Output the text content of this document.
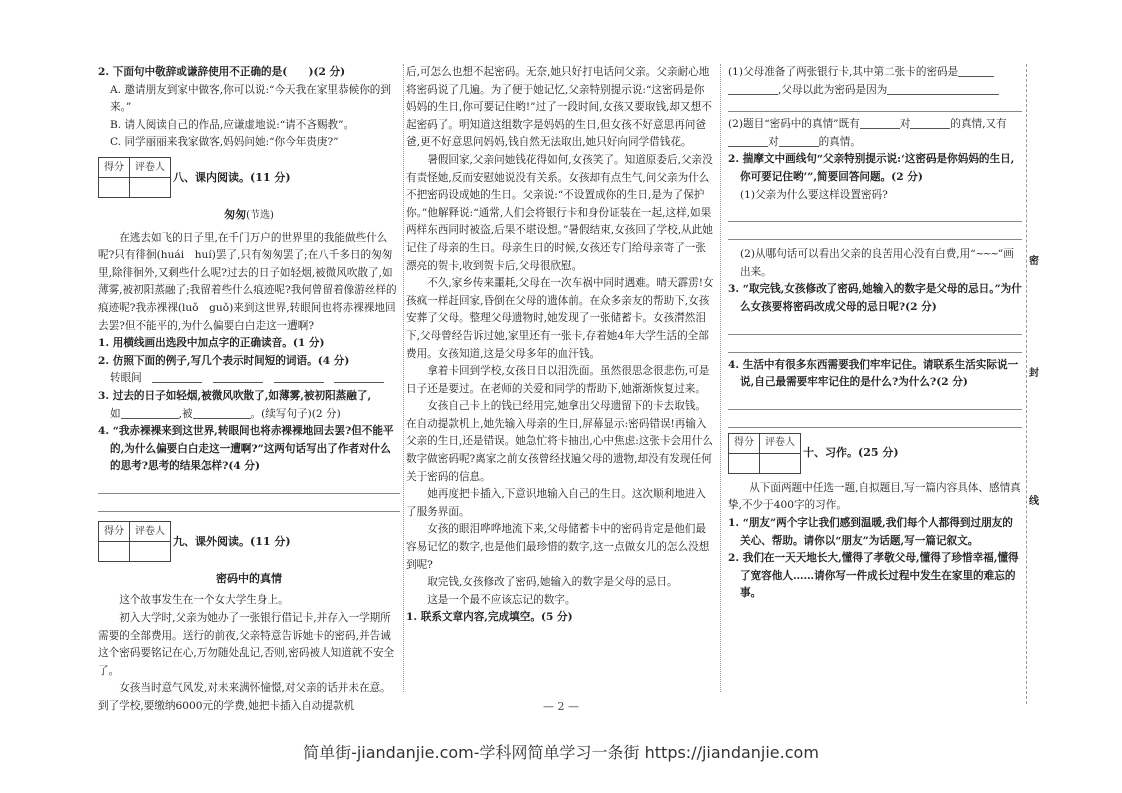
2. 下面句中敬辞或谦辞使用不正确的是(　　)(2 分)

A. 邀请朋友到家中做客,你可以说:“今天我在家里恭候你的到来。”

B. 请人阅读自己的作品,应谦虚地说:“请不吝赐教”。

C. 同学丽丽来我家做客,妈妈问她:“你今年贵庚?”

得分	评卷人

八、课内阅读。(11 分)

匆匆(节选)

在逃去如飞的日子里,在千门万户的世界里的我能做些什么呢?只有徘徊(huái　huí)罢了,只有匆匆罢了;在八千多日的匆匆里,除徘徊外,又剩些什么呢?过去的日子如轻烟,被微风吹散了,如薄雾,被初阳蒸融了;我留着些什么痕迹呢?我何曾留着像游丝样的痕迹呢?我赤裸裸(luǒ　guǒ)来到这世界,转眼间也将赤裸裸地回去罢?但不能平的,为什么偏要白白走这一遭啊?

1. 用横线画出选段中加点字的正确读音。(1 分)

2. 仿照下面的例子,写几个表示时间短的词语。(4 分)

转眼间　　　　

3. 过去的日子如轻烟,被微风吹散了,如薄雾,被初阳蒸融了,

如	,被	。(续写句子)(2 分)

4. “我赤裸裸来到这世界,转眼间也将赤裸裸地回去罢?但不能平的,为什么偏要白白走这一遭啊?”这两句话写出了作者对什么的思考?思考的结果怎样?(4 分)

得分	评卷人

九、课外阅读。(11 分)

密码中的真情

这个故事发生在一个女大学生身上。

初入大学时,父亲为她办了一张银行借记卡,并存入一学期所需要的全部费用。送行的前夜,父亲特意告诉她卡的密码,并告诫这个密码要铭记在心,万勿随处乱记,否则,密码被人知道就不安全了。

女孩当时意气风发,对未来满怀憧憬,对父亲的话并未在意。到了学校,要缴纳6000元的学费,她把卡插入自动提款机

后,可怎么也想不起密码。无奈,她只好打电话问父亲。父亲耐心地将密码说了几遍。为了便于她记忆,父亲特别提示说:“这密码是你妈妈的生日,你可要记住哟!”过了一段时间,女孩又要取钱,却又想不起密码了。明知道这组数字是妈妈的生日,但女孩不好意思再问爸爸,更不好意思问妈妈,钱自然无法取出,她只好向同学借钱花。

暑假回家,父亲问她钱花得如何,女孩笑了。知道原委后,父亲没有责怪她,反而安慰她说没有关系。女孩却有点生气,问父亲为什么不把密码设成她的生日。父亲说:“不设置成你的生日,是为了保护你。”他解释说:“通常,人们会将银行卡和身份证装在一起,这样,如果两样东西同时被盗,后果不堪设想。”暑假结束,女孩回了学校,从此她记住了母亲的生日。母亲生日的时候,女孩还专门给母亲寄了一张漂亮的贺卡,收到贺卡后,父母很欣慰。

不久,家乡传来噩耗,父母在一次车祸中同时遇难。晴天霹雳!女孩疯一样赶回家,昏倒在父母的遗体前。在众多亲友的帮助下,女孩安葬了父母。整理父母遗物时,她发现了一张储蓄卡。女孩潸然泪下,父母曾经告诉过她,家里还有一张卡,存着她4年大学生活的全部费用。女孩知道,这是父母多年的血汗钱。

拿着卡回到学校,女孩日日以泪洗面。虽然很思念很悲伤,可是日子还是要过。在老师的关爱和同学的帮助下,她渐渐恢复过来。

女孩自己卡上的钱已经用完,她拿出父母遗留下的卡去取钱。在自动提款机上,她先输入母亲的生日,屏幕显示:密码错误!再输入父亲的生日,还是错误。她急忙将卡抽出,心中焦虑:这张卡会用什么数字做密码呢?离家之前女孩曾经找遍父母的遗物,却没有发现任何关于密码的信息。

她再度把卡插入,下意识地输入自己的生日。这次顺利地进入了服务界面。

女孩的眼泪哗哗地流下来,父母储蓄卡中的密码肯定是他们最容易记忆的数字,也是他们最珍惜的数字,这一点做女儿的怎么没想到呢?

取完钱,女孩修改了密码,她输入的数字是父母的忌日。

这是一个最不应该忘记的数字。

1. 联系文章内容,完成填空。(5 分)

(1)父母准备了两张银行卡,其中第二张卡的密码是

,父母以此为密码是因为

(2)题目“密码中的真情”既有	对	的真情,又有对	的真情。

2. 揣摩文中画线句“父亲特别提示说:‘这密码是你妈妈的生日,你可要记住哟’”,简要回答问题。(2 分)

(1)父亲为什么要这样设置密码?

(2)从哪句话可以看出父亲的良苦用心没有白费,用“~~~”画出来。

3. “取完钱,女孩修改了密码,她输入的数字是父母的忌日。”为什么女孩要将密码改成父母的忌日呢?(2 分)

4. 生活中有很多东西需要我们牢牢记住。请联系生活实际说一说,自己最需要牢牢记住的是什么?为什么?(2 分)

得分	评卷人

十、习作。(25 分)

从下面两题中任选一题,自拟题目,写一篇内容具体、感情真挚,不少于400字的习作。

1. “朋友”两个字让我们感到温暖,我们每个人都得到过朋友的关心、帮助。请你以“朋友”为话题,写一篇记叙文。

2. 我们在一天天地长大,懂得了孝敬父母,懂得了珍惜幸福,懂得了宽容他人……请你写一件成长过程中发生在家里的难忘的事。

密
封
线
— 2 —
简单街-jiandanjie.com-学科网简单学习一条街 https://jiandanjie.com
